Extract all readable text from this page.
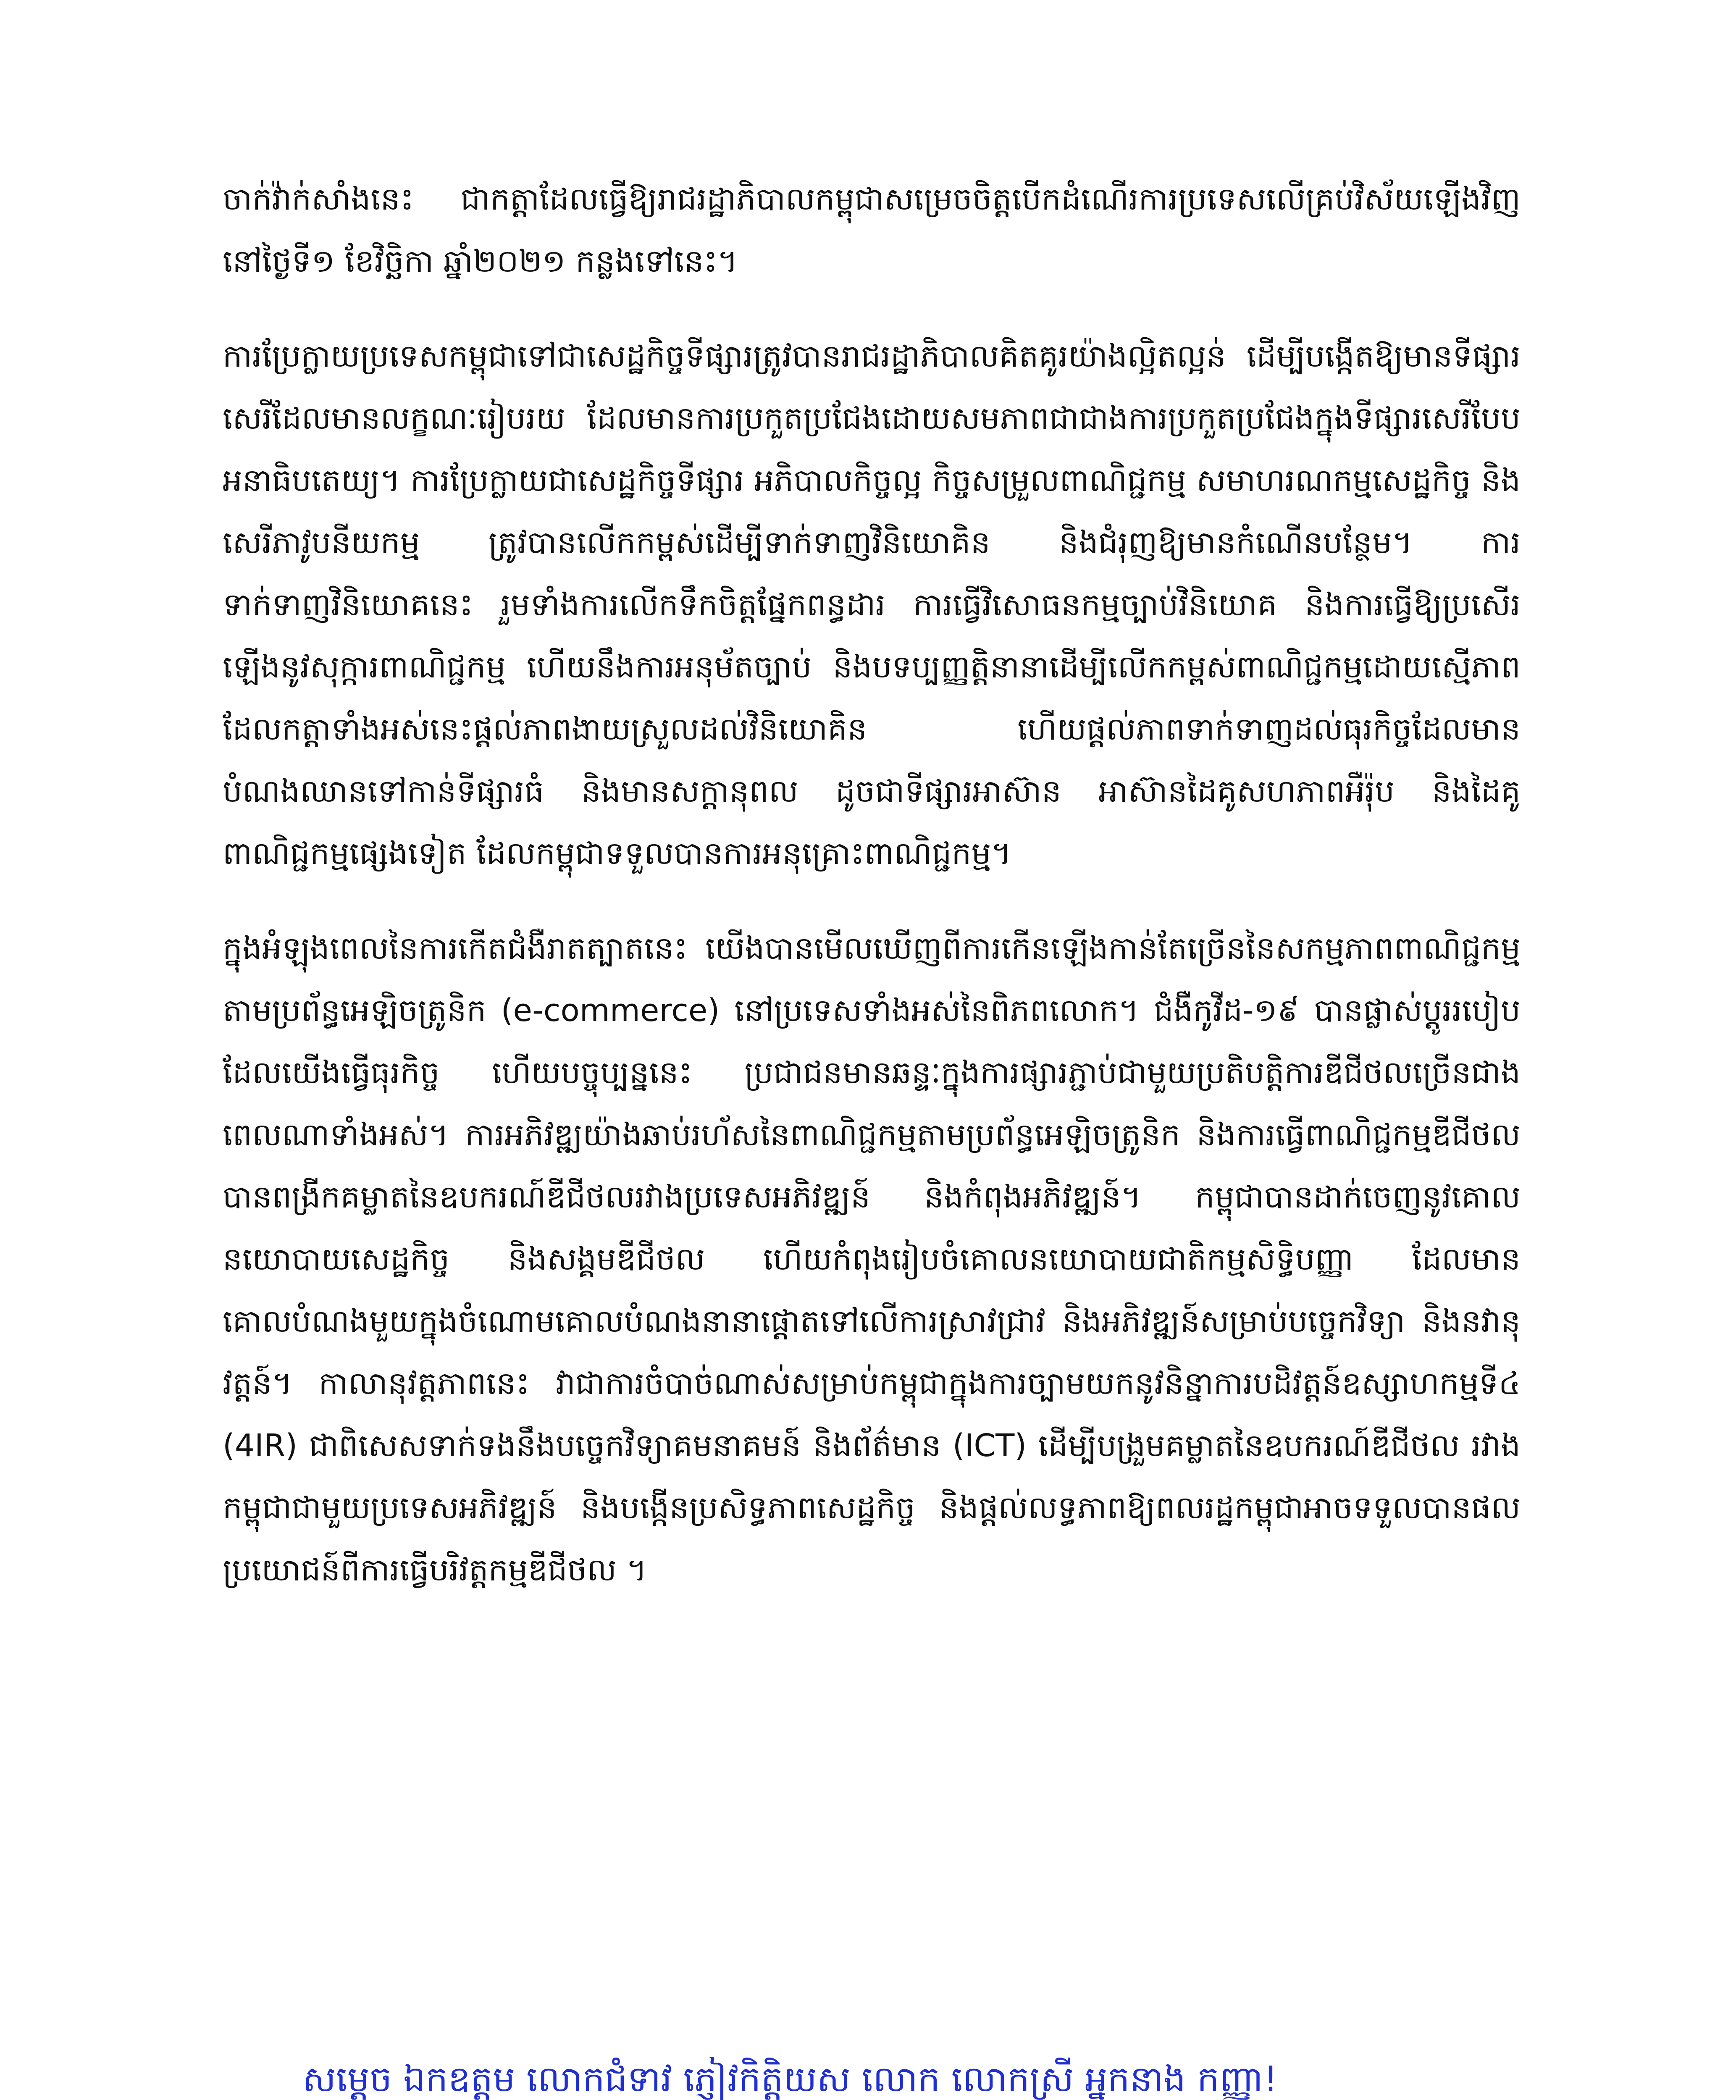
ចាក់វ៉ាក់សាំងនេះ ជាកត្តាដែលធ្វើឱ្យរាជរដ្ឋាភិបាលកម្ពុជាសម្រេចចិត្តបើកដំណើរការប្រទេសលើគ្រប់វិស័យឡើងវិញ នៅថ្ងៃទី១ ខែវិច្ឆិកា ឆ្នាំ២០២១ កន្លងទៅនេះ។

ការប្រែក្លាយប្រទេសកម្ពុជាទៅជាសេដ្ឋកិច្ចទីផ្សារត្រូវបានរាជរដ្ឋាភិបាលគិតគូរយ៉ាងល្អិតល្អន់ ដើម្បីបង្កើតឱ្យមានទីផ្សារសេរីដែលមានលក្ខណៈរៀបរយ ដែលមានការប្រកួតប្រជែងដោយសមភាពជាជាងការប្រកួតប្រជែងក្នុងទីផ្សារសេរីបែបអនាធិបតេយ្យ។ ការប្រែក្លាយជាសេដ្ឋកិច្ចទីផ្សារ អភិបាលកិច្ចល្អ កិច្ចសម្រួលពាណិជ្ជកម្ម សមាហរណកម្មសេដ្ឋកិច្ច និងសេរីភាវូបនីយកម្ម ត្រូវបានលើកកម្ពស់ដើម្បីទាក់ទាញវិនិយោគិន និងជំរុញឱ្យមានកំណើនបន្ថែម។ ការទាក់ទាញវិនិយោគនេះ រួមទាំងការលើកទឹកចិត្តផ្នែកពន្ធដារ ការធ្វើវិសោធនកម្មច្បាប់វិនិយោគ និងការធ្វើឱ្យប្រសើរឡើងនូវសុក្ការពាណិជ្ជកម្ម ហើយនឹងការអនុម័តច្បាប់ និងបទប្បញ្ញត្តិនានាដើម្បីលើកកម្ពស់ពាណិជ្ជកម្មដោយស្មើភាព ដែលកត្តាទាំងអស់នេះផ្តល់ភាពងាយស្រួលដល់វិនិយោគិន ហើយផ្តល់ភាពទាក់ទាញដល់ធុរកិច្ចដែលមានបំណងឈានទៅកាន់ទីផ្សារធំ និងមានសក្តានុពល ដូចជាទីផ្សារអាស៊ាន អាស៊ានដៃគូសហភាពអឺរ៉ុប និងដៃគូពាណិជ្ជកម្មផ្សេងទៀត ដែលកម្ពុជាទទួលបានការអនុគ្រោះពាណិជ្ជកម្ម។

ក្នុងអំឡុងពេលនៃការកើតជំងឺរាតត្បាតនេះ យើងបានមើលឃើញពីការកើនឡើងកាន់តែច្រើននៃសកម្មភាពពាណិជ្ជកម្មតាមប្រព័ន្ធអេឡិចត្រូនិក (e-commerce) នៅប្រទេសទាំងអស់នៃពិភពលោក។ ជំងឺកូវីដ-១៩ បានផ្លាស់ប្តូររបៀបដែលយើងធ្វើធុរកិច្ច ហើយបច្ចុប្បន្ននេះ ប្រជាជនមានឆន្ទៈក្នុងការផ្សារភ្ជាប់ជាមួយប្រតិបត្តិការឌីជីថលច្រើនជាងពេលណាទាំងអស់។ ការអភិវឌ្ឍយ៉ាងឆាប់រហ័សនៃពាណិជ្ជកម្មតាមប្រព័ន្ធអេឡិចត្រូនិក និងការធ្វើពាណិជ្ជកម្មឌីជីថលបានពង្រីកគម្លាតនៃឧបករណ៍ឌីជីថលរវាងប្រទេសអភិវឌ្ឍន៍ និងកំពុងអភិវឌ្ឍន៍។ កម្ពុជាបានដាក់ចេញនូវគោលនយោបាយសេដ្ឋកិច្ច និងសង្គមឌីជីថល ហើយកំពុងរៀបចំគោលនយោបាយជាតិកម្មសិទ្ធិបញ្ញា ដែលមានគោលបំណងមួយក្នុងចំណោមគោលបំណងនានាផ្តោតទៅលើការស្រាវជ្រាវ និងអភិវឌ្ឍន៍សម្រាប់បច្ចេកវិទ្យា និងនវានុវត្តន៍។ កាលានុវត្តភាពនេះ វាជាការចំបាច់ណាស់សម្រាប់កម្ពុជាក្នុងការច្បាមយកនូវនិន្នាការបដិវត្តន៍ឧស្សាហកម្មទី៤ (4IR) ជាពិសេសទាក់ទងនឹងបច្ចេកវិទ្យាគមនាគមន៍ និងព័ត៌មាន (ICT) ដើម្បីបង្រួមគម្លាតនៃឧបករណ៍ឌីជីថល រវាងកម្ពុជាជាមួយប្រទេសអភិវឌ្ឍន៍ និងបង្កើនប្រសិទ្ធភាពសេដ្ឋកិច្ច និងផ្តល់លទ្ធភាពឱ្យពលរដ្ឋកម្ពុជាអាចទទួលបានផលប្រយោជន៍ពីការធ្វើបរិវត្តកម្មឌីជីថល ។

សម្តេច ឯកឧត្តម លោកជំទាវ ភ្ញៀវកិត្តិយស លោក លោកស្រី អ្នកនាង កញ្ញា!
